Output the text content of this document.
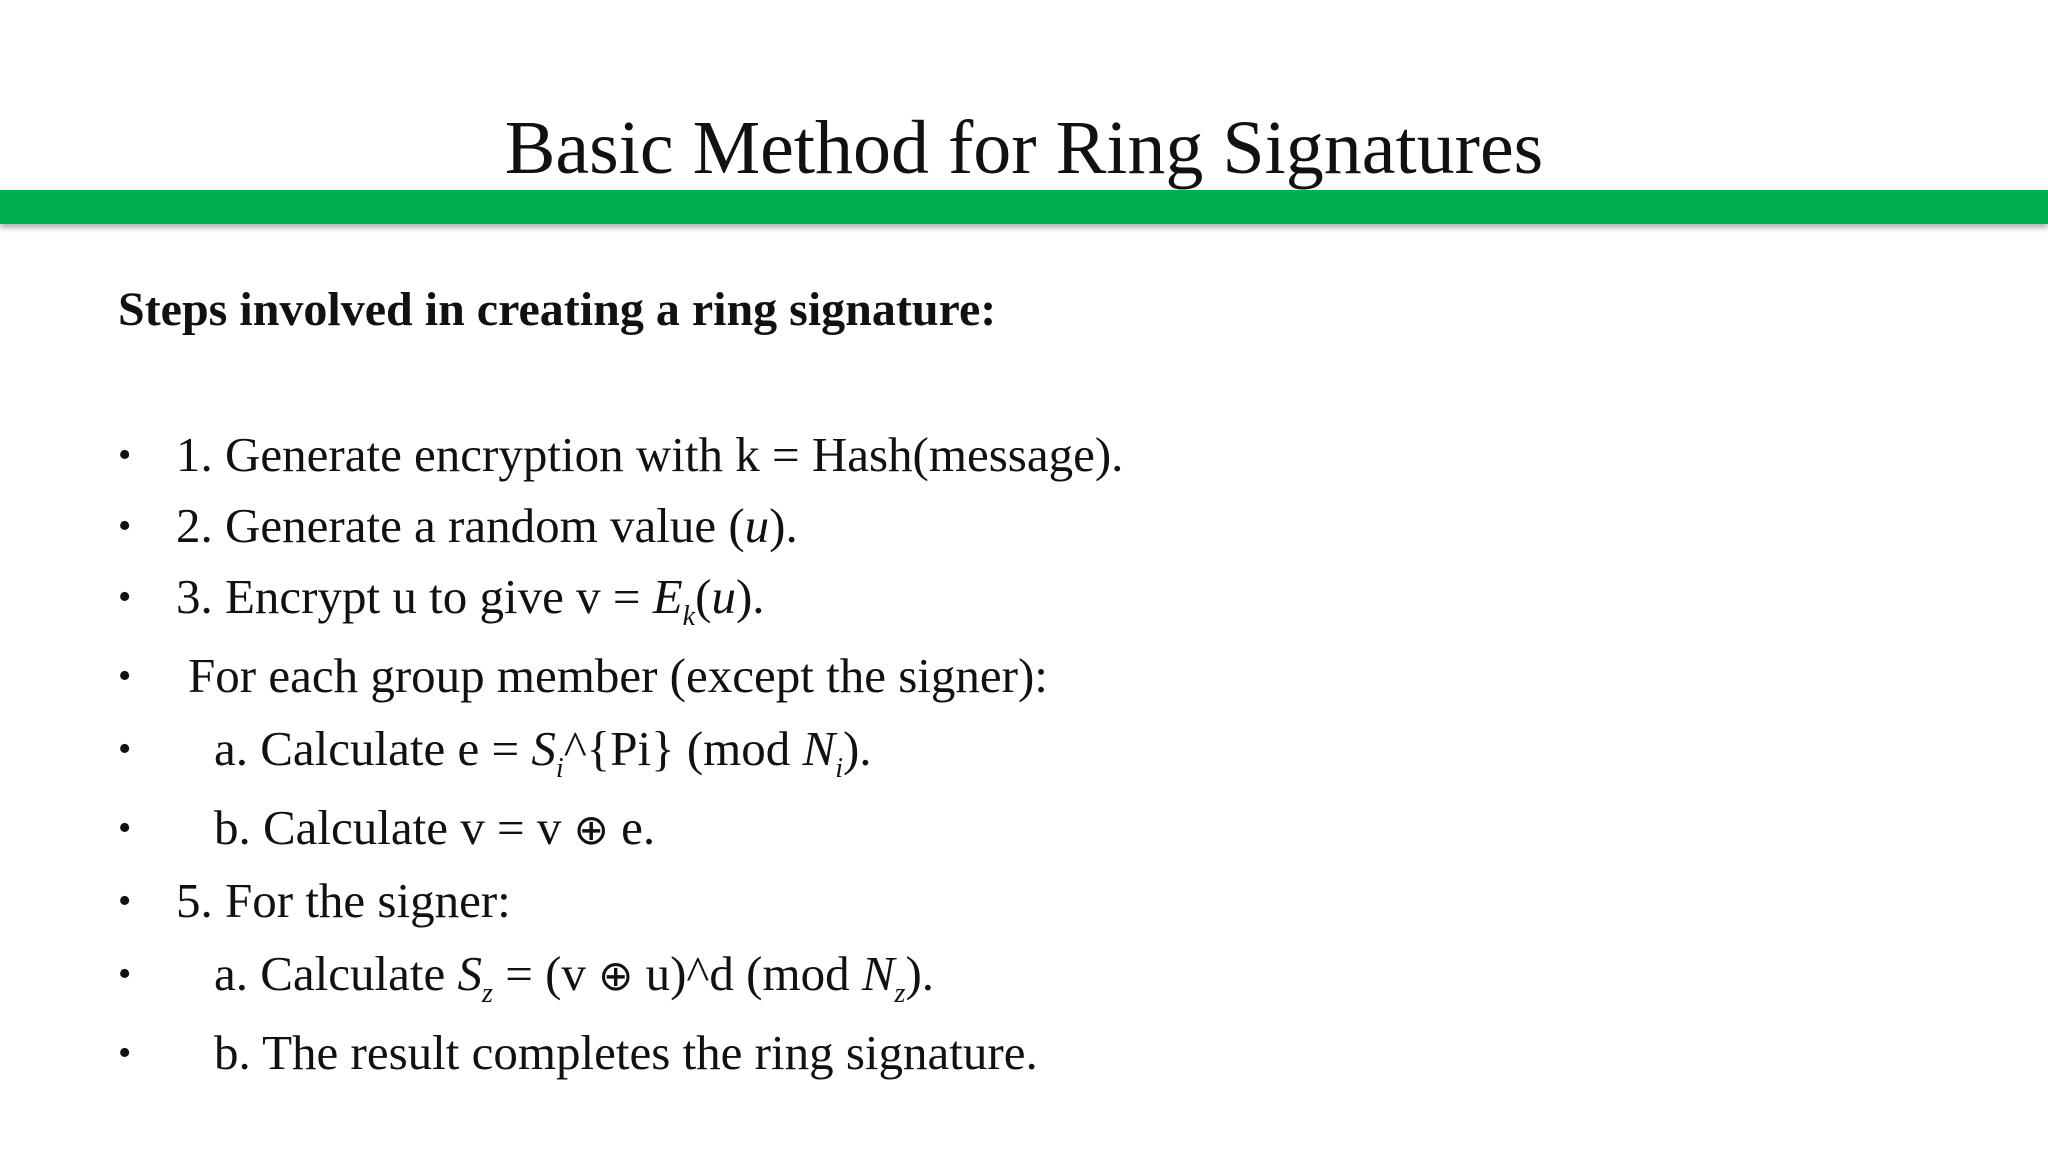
Basic Method for Ring Signatures
Steps involved in creating a ring signature:
• 1. Generate encryption with k = Hash(message).
• 2. Generate a random value (u).
• 3. Encrypt u to give $v = E_k(u)$.
• For each group member (except the signer):
• a. Calculate $e = S_i\^{}\{Pi\}$ (mod $N_i$).
• b. Calculate v = v ⊕ e.
• 5. For the signer:
• a. Calculate $S_z = (v$ ⊕ u)^d (mod $N_z$).
• b. The result completes the ring signature.
